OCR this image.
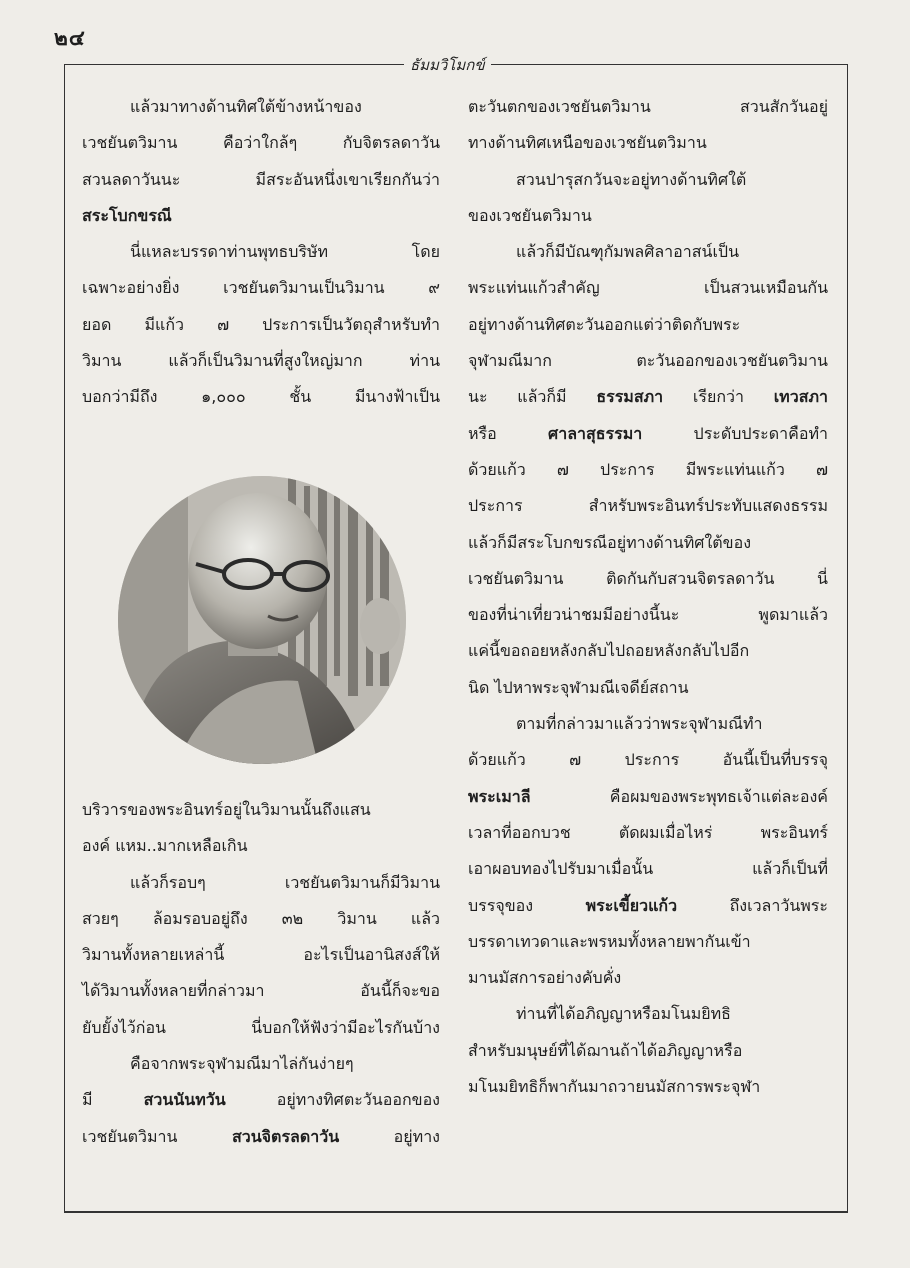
๒๔
ธัมมวิโมกข์
แล้วมาทางด้านทิศใต้ข้างหน้าของ
เวชยันตวิมาน คือว่าใกล้ๆ กับจิตรลดาวัน
สวนลดาวันนะ มีสระอันหนึ่งเขาเรียกกันว่า
สระโบกขรณี
นี่แหละบรรดาท่านพุทธบริษัท โดย
เฉพาะอย่างยิ่ง เวชยันตวิมานเป็นวิมาน ๙
ยอด มีแก้ว ๗ ประการเป็นวัตถุสำหรับทำ
วิมาน แล้วก็เป็นวิมานที่สูงใหญ่มาก ท่าน
บอกว่ามีถึง ๑,๐๐๐ ชั้น มีนางฟ้าเป็น
บริวารของพระอินทร์อยู่ในวิมานนั้นถึงแสน
องค์ แหม..มากเหลือเกิน
แล้วก็รอบๆ เวชยันตวิมานก็มีวิมาน
สวยๆ ล้อมรอบอยู่ถึง ๓๒ วิมาน แล้ว
วิมานทั้งหลายเหล่านี้ อะไรเป็นอานิสงส์ให้
ได้วิมานทั้งหลายที่กล่าวมา อันนี้ก็จะขอ
ยับยั้งไว้ก่อน นี่บอกให้ฟังว่ามีอะไรกันบ้าง
คือจากพระจุฬามณีมาไล่กันง่ายๆ
มี สวนนันทวัน อยู่ทางทิศตะวันออกของ
เวชยันตวิมาน สวนจิตรลดาวัน อยู่ทาง
ตะวันตกของเวชยันตวิมาน สวนสักวันอยู่
ทางด้านทิศเหนือของเวชยันตวิมาน
สวนปารุสกวันจะอยู่ทางด้านทิศใต้
ของเวชยันตวิมาน
แล้วก็มีบัณฑุกัมพลศิลาอาสน์เป็น
พระแท่นแก้วสำคัญ เป็นสวนเหมือนกัน
อยู่ทางด้านทิศตะวันออกแต่ว่าติดกับพระ
จุฬามณีมาก ตะวันออกของเวชยันตวิมาน
นะ แล้วก็มี ธรรมสภา เรียกว่า เทวสภา
หรือ ศาลาสุธรรมา ประดับประดาคือทำ
ด้วยแก้ว ๗ ประการ มีพระแท่นแก้ว ๗
ประการ สำหรับพระอินทร์ประทับแสดงธรรม
แล้วก็มีสระโบกขรณีอยู่ทางด้านทิศใต้ของ
เวชยันตวิมาน ติดกันกับสวนจิตรลดาวัน นี่
ของที่น่าเที่ยวน่าชมมีอย่างนี้นะ พูดมาแล้ว
แค่นี้ขอถอยหลังกลับไปถอยหลังกลับไปอีก
นิด ไปหาพระจุฬามณีเจดีย์สถาน
ตามที่กล่าวมาแล้วว่าพระจุฬามณีทำ
ด้วยแก้ว ๗ ประการ อันนี้เป็นที่บรรจุ
พระเมาลี คือผมของพระพุทธเจ้าแต่ละองค์
เวลาที่ออกบวช ตัดผมเมื่อไหร่ พระอินทร์
เอาผอบทองไปรับมาเมื่อนั้น แล้วก็เป็นที่
บรรจุของ พระเขี้ยวแก้ว ถึงเวลาวันพระ
บรรดาเทวดาและพรหมทั้งหลายพากันเข้า
มานมัสการอย่างคับคั่ง
ท่านที่ได้อภิญญาหรือมโนมยิทธิ
สำหรับมนุษย์ที่ได้ฌานถ้าได้อภิญญาหรือ
มโนมยิทธิก็พากันมาถวายนมัสการพระจุฬา
